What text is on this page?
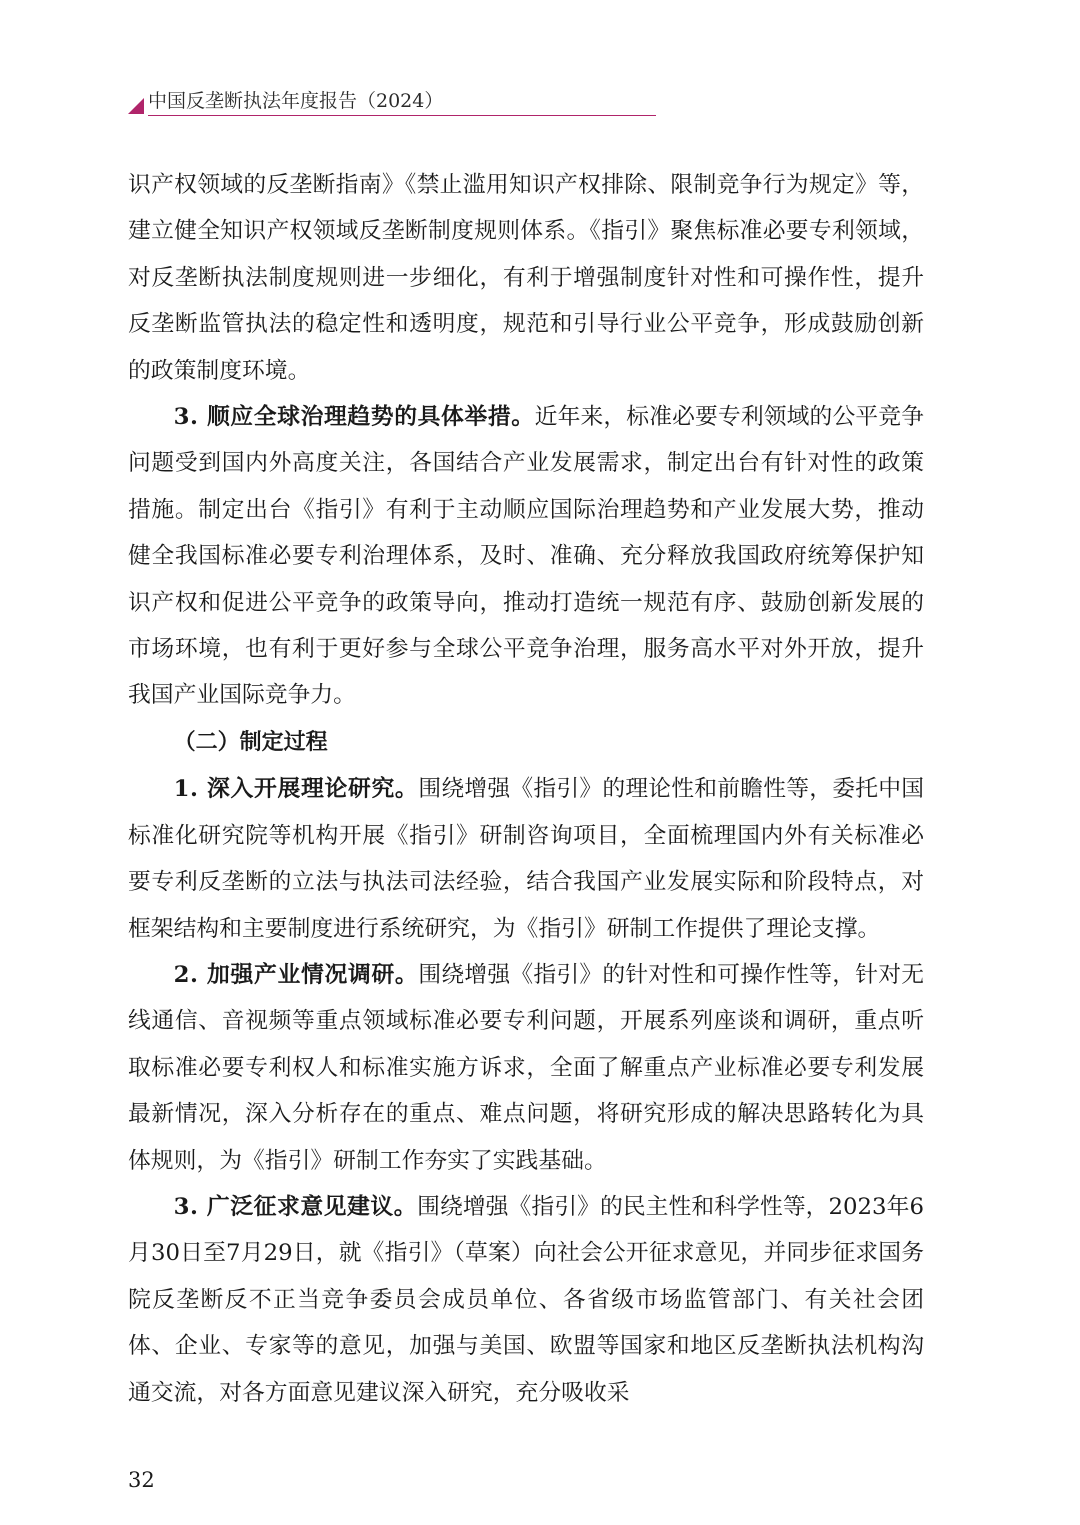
中国反垄断执法年度报告（2024）

识产权领域的反垄断指南》《禁止滥用知识产权排除、限制竞争行为规定》等，建立健全知识产权领域反垄断制度规则体系。《指引》聚焦标准必要专利领域，对反垄断执法制度规则进一步细化，有利于增强制度针对性和可操作性，提升反垄断监管执法的稳定性和透明度，规范和引导行业公平竞争，形成鼓励创新的政策制度环境。

3. 顺应全球治理趋势的具体举措。近年来，标准必要专利领域的公平竞争问题受到国内外高度关注，各国结合产业发展需求，制定出台有针对性的政策措施。制定出台《指引》有利于主动顺应国际治理趋势和产业发展大势，推动健全我国标准必要专利治理体系，及时、准确、充分释放我国政府统筹保护知识产权和促进公平竞争的政策导向，推动打造统一规范有序、鼓励创新发展的市场环境，也有利于更好参与全球公平竞争治理，服务高水平对外开放，提升我国产业国际竞争力。

（二）制定过程

1. 深入开展理论研究。围绕增强《指引》的理论性和前瞻性等，委托中国标准化研究院等机构开展《指引》研制咨询项目，全面梳理国内外有关标准必要专利反垄断的立法与执法司法经验，结合我国产业发展实际和阶段特点，对框架结构和主要制度进行系统研究，为《指引》研制工作提供了理论支撑。

2. 加强产业情况调研。围绕增强《指引》的针对性和可操作性等，针对无线通信、音视频等重点领域标准必要专利问题，开展系列座谈和调研，重点听取标准必要专利权人和标准实施方诉求，全面了解重点产业标准必要专利发展最新情况，深入分析存在的重点、难点问题，将研究形成的解决思路转化为具体规则，为《指引》研制工作夯实了实践基础。

3. 广泛征求意见建议。围绕增强《指引》的民主性和科学性等，2023年6月30日至7月29日，就《指引》（草案）向社会公开征求意见，并同步征求国务院反垄断反不正当竞争委员会成员单位、各省级市场监管部门、有关社会团体、企业、专家等的意见，加强与美国、欧盟等国家和地区反垄断执法机构沟通交流，对各方面意见建议深入研究，充分吸收采

32
